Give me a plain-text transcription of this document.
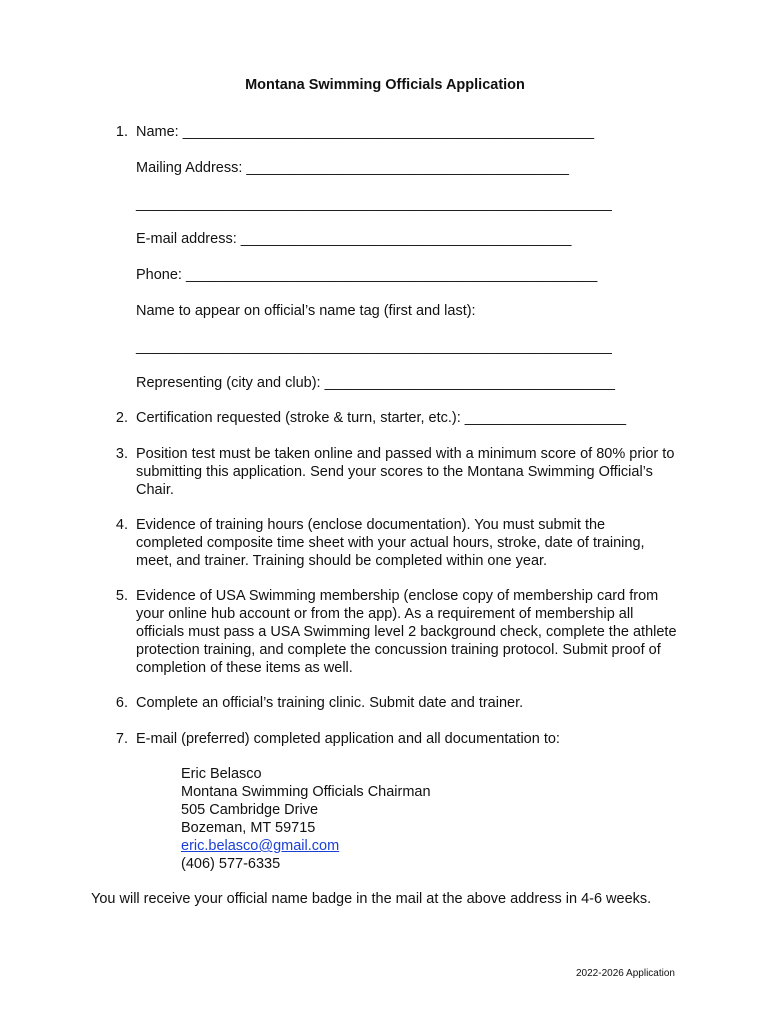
Montana Swimming Officials Application
1. Name: ___________________________________________________
Mailing Address: ________________________________________
___________________________________________________________
E-mail address: _________________________________________
Phone: ___________________________________________________
Name to appear on official’s name tag (first and last):
___________________________________________________________
Representing (city and club): ____________________________________
2. Certification requested (stroke & turn, starter, etc.): ____________________
3. Position test must be taken online and passed with a minimum score of 80% prior to submitting this application. Send your scores to the Montana Swimming Official’s Chair.
4. Evidence of training hours (enclose documentation). You must submit the completed composite time sheet with your actual hours, stroke, date of training, meet, and trainer. Training should be completed within one year.
5. Evidence of USA Swimming membership (enclose copy of membership card from your online hub account or from the app). As a requirement of membership all officials must pass a USA Swimming level 2 background check, complete the athlete protection training, and complete the concussion training protocol. Submit proof of completion of these items as well.
6. Complete an official’s training clinic. Submit date and trainer.
7. E-mail (preferred) completed application and all documentation to:
Eric Belasco
Montana Swimming Officials Chairman
505 Cambridge Drive
Bozeman, MT 59715
eric.belasco@gmail.com
(406) 577-6335
You will receive your official name badge in the mail at the above address in 4-6 weeks.
2022-2026 Application
